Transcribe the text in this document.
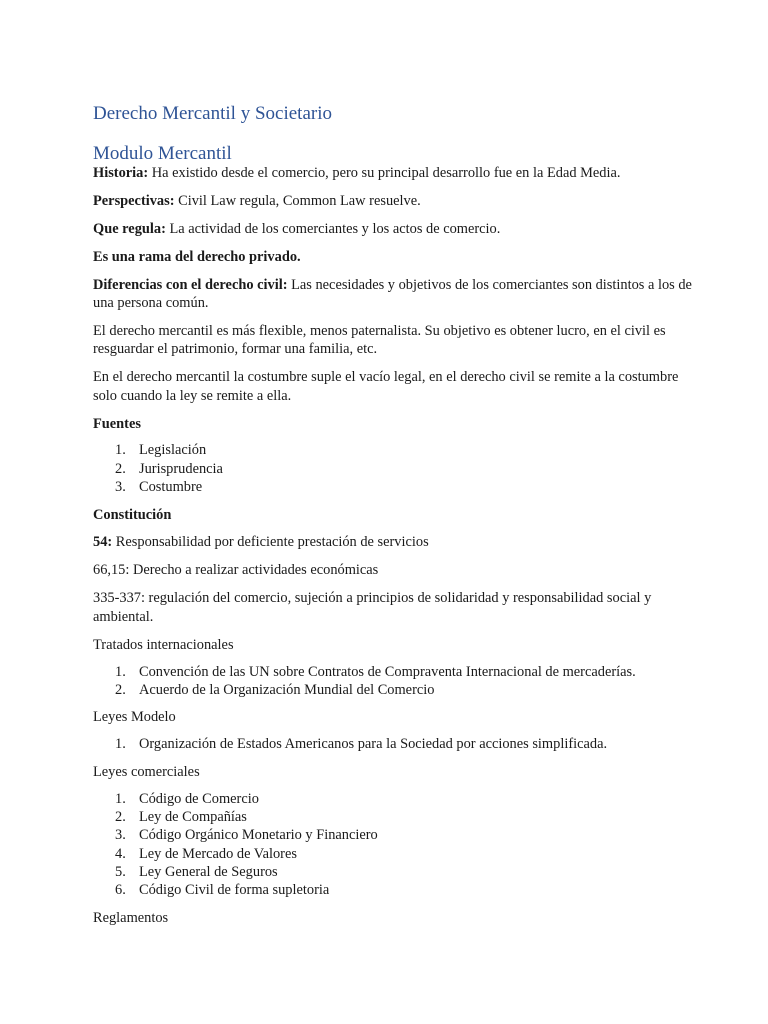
Derecho Mercantil y Societario
Modulo Mercantil

Historia: Ha existido desde el comercio, pero su principal desarrollo fue en la Edad Media.

Perspectivas: Civil Law regula, Common Law resuelve.

Que regula: La actividad de los comerciantes y los actos de comercio.

Es una rama del derecho privado.

Diferencias con el derecho civil: Las necesidades y objetivos de los comerciantes son distintos a los de una persona común.

El derecho mercantil es más flexible, menos paternalista. Su objetivo es obtener lucro, en el civil es resguardar el patrimonio, formar una familia, etc.

En el derecho mercantil la costumbre suple el vacío legal, en el derecho civil se remite a la costumbre solo cuando la ley se remite a ella.

Fuentes

1. Legislación
2. Jurisprudencia
3. Costumbre

Constitución

54: Responsabilidad por deficiente prestación de servicios

66,15: Derecho a realizar actividades económicas

335-337: regulación del comercio, sujeción a principios de solidaridad y responsabilidad social y ambiental.

Tratados internacionales

1. Convención de las UN sobre Contratos de Compraventa Internacional de mercaderías.
2. Acuerdo de la Organización Mundial del Comercio

Leyes Modelo

1. Organización de Estados Americanos para la Sociedad por acciones simplificada.

Leyes comerciales

1. Código de Comercio
2. Ley de Compañías
3. Código Orgánico Monetario y Financiero
4. Ley de Mercado de Valores
5. Ley General de Seguros
6. Código Civil de forma supletoria

Reglamentos
